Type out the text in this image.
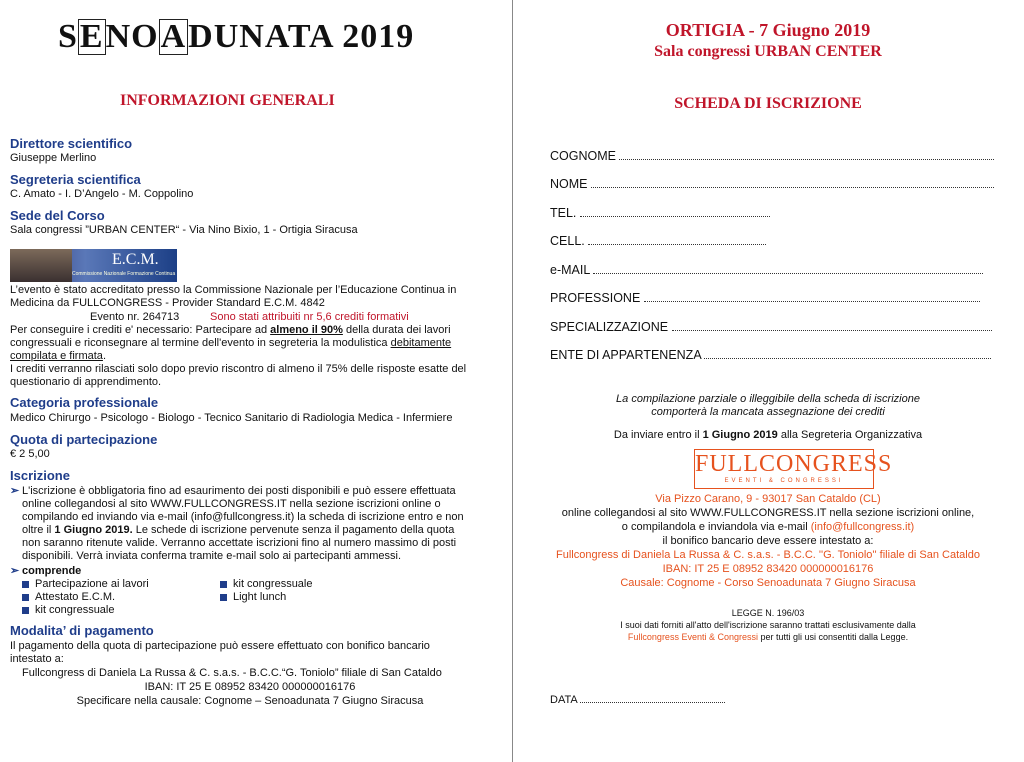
SENOADUNATA 2019
INFORMAZIONI GENERALI
Direttore scientifico
Giuseppe Merlino
Segreteria scientifica
C. Amato - I. D’Angelo - M. Coppolino
Sede del Corso
Sala congressi ”URBAN CENTER“ - Via Nino Bixio, 1 - Ortigia Siracusa
E.C.M.
Commissione Nazionale Formazione Continua
L’evento è stato accreditato presso la Commissione Nazionale per l’Educazione Continua in
Medicina da FULLCONGRESS - Provider Standard E.C.M. 4842
Evento nr. 264713	Sono stati attribuiti nr 5,6 crediti formativi
Per conseguire i crediti e' necessario: Partecipare ad almeno il 90% della durata dei lavori
congressuali e riconsegnare al termine dell'evento in segreteria la modulistica debitamente
compilata e firmata.
I crediti verranno rilasciati solo dopo previo riscontro di almeno il 75% delle risposte esatte del
questionario di apprendimento.
Categoria professionale
Medico Chirurgo - Psicologo - Biologo - Tecnico Sanitario di Radiologia Medica - Infermiere
Quota di partecipazione
€ 2 5,00
Iscrizione
➢ L'iscrizione è obbligatoria fino ad esaurimento dei posti disponibili e può essere effettuata
online collegandosi al sito WWW.FULLCONGRESS.IT nella sezione iscrizioni online o
compilando ed inviando via e-mail (info@fullcongress.it) la scheda di iscrizione entro e non
oltre il 1 Giugno 2019. Le schede di iscrizione pervenute senza il pagamento della quota
non saranno ritenute valide. Verranno accettate iscrizioni fino al numero massimo di posti
disponibili. Verrà inviata conferma tramite e-mail solo ai partecipanti ammessi.
➢ comprende
Partecipazione ai lavori
Attestato E.C.M.
kit congressuale
kit congressuale
Light lunch
Modalita’ di pagamento
Il pagamento della quota di partecipazione può essere effettuato con bonifico bancario
intestato a:
Fullcongress di Daniela La Russa & C. s.a.s. - B.C.C.“G. Toniolo” filiale di San Cataldo
IBAN: IT 25 E 08952 83420 000000016176
Specificare nella causale: Cognome – Senoadunata 7 Giugno Siracusa
ORTIGIA - 7 Giugno 2019
Sala congressi URBAN CENTER
SCHEDA DI ISCRIZIONE
COGNOME
NOME
TEL.
CELL.
e-MAIL
PROFESSIONE
SPECIALIZZAZIONE
ENTE DI APPARTENENZA
La compilazione parziale o illeggibile della scheda di iscrizione
comporterà la mancata assegnazione dei crediti
Da inviare entro il 1 Giugno 2019 alla Segreteria Organizzativa
FULLCONGRESS
EVENTI & CONGRESSI
Via Pizzo Carano, 9 - 93017 San Cataldo (CL)
online collegandosi al sito WWW.FULLCONGRESS.IT nella sezione iscrizioni online,
o compilandola e inviandola via e-mail (info@fullcongress.it)
il bonifico bancario deve essere intestato a:
Fullcongress di Daniela La Russa & C. s.a.s. - B.C.C. ''G. Toniolo'' filiale di San Cataldo
IBAN: IT 25 E 08952 83420 000000016176
Causale: Cognome - Corso Senoadunata 7 Giugno Siracusa
LEGGE N. 196/03
I suoi dati forniti all'atto dell'iscrizione saranno trattati esclusivamente dalla
Fullcongress Eventi & Congressi per tutti gli usi consentiti dalla Legge.
DATA
